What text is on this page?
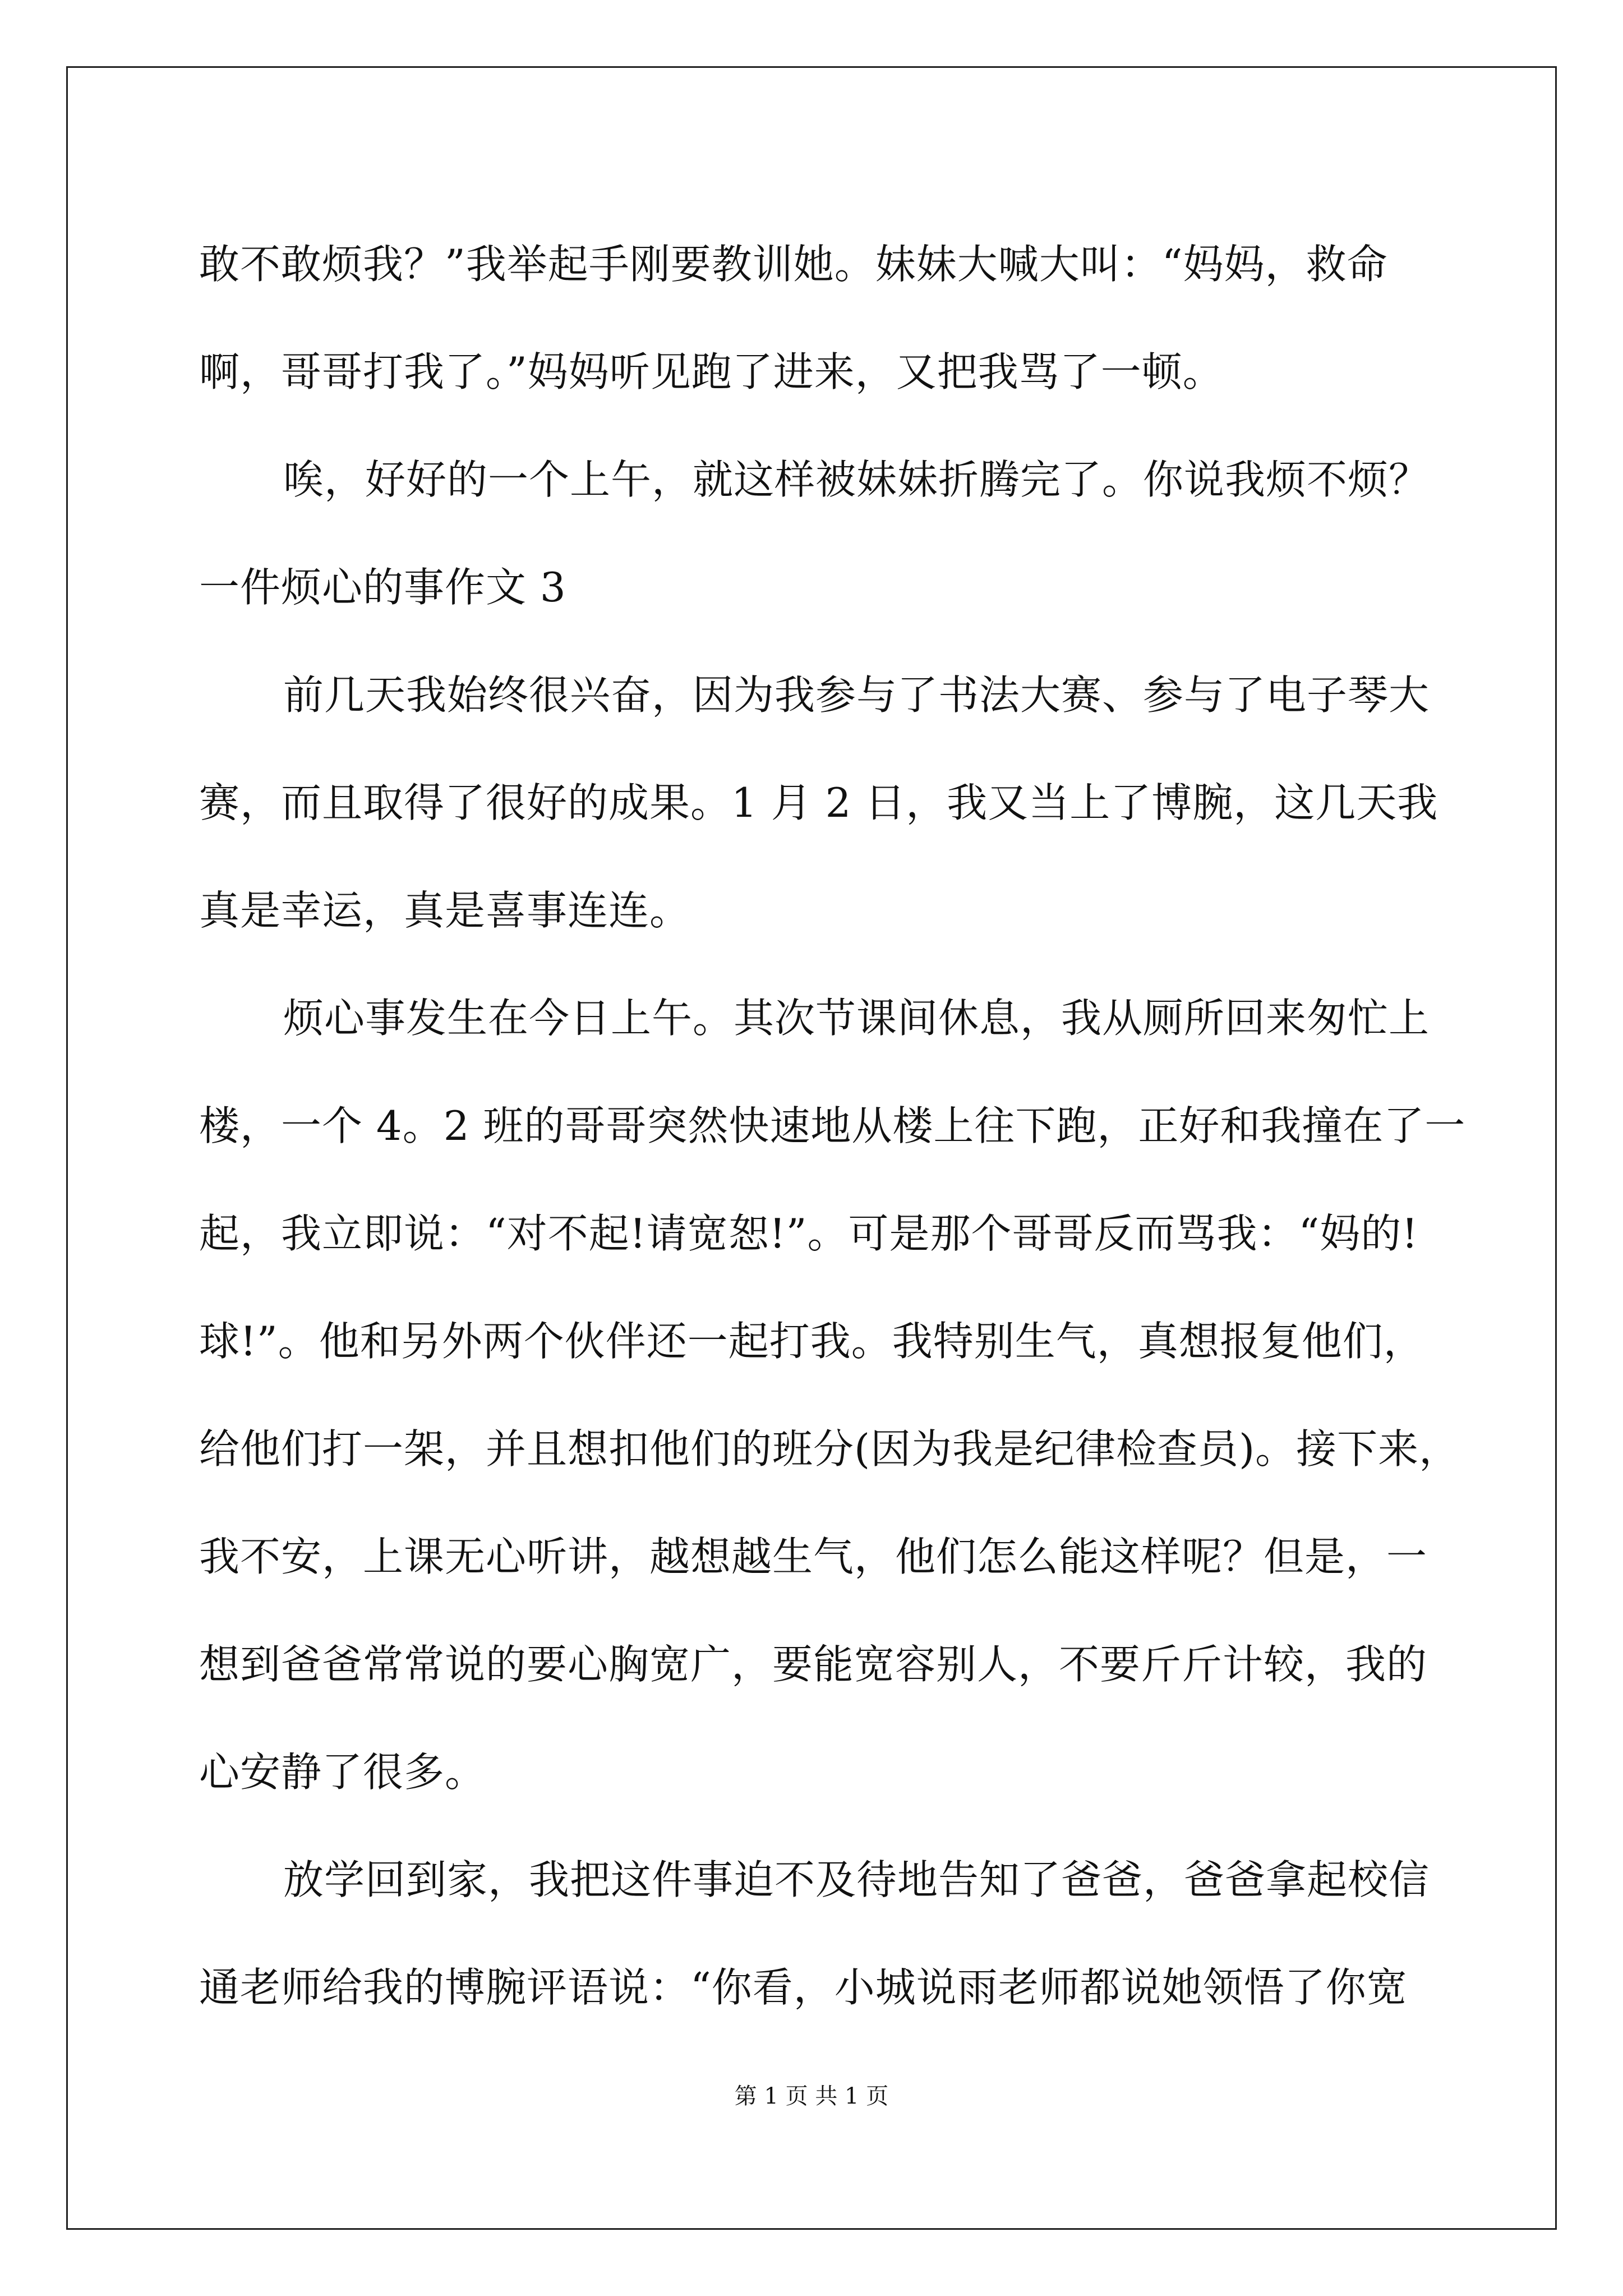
敢不敢烦我？”我举起手刚要教训她。妹妹大喊大叫：“妈妈，救命
啊，哥哥打我了。”妈妈听见跑了进来，又把我骂了一顿。
唉，好好的一个上午，就这样被妹妹折腾完了。你说我烦不烦？
一件烦心的事作文 3
前几天我始终很兴奋，因为我参与了书法大赛、参与了电子琴大
赛，而且取得了很好的成果。1 月 2 日，我又当上了博腕，这几天我
真是幸运，真是喜事连连。
烦心事发生在今日上午。其次节课间休息，我从厕所回来匆忙上
楼，一个 4。2 班的哥哥突然快速地从楼上往下跑，正好和我撞在了一
起，我立即说：“对不起!请宽恕!”。可是那个哥哥反而骂我：“妈的!
球!”。他和另外两个伙伴还一起打我。我特别生气，真想报复他们，
给他们打一架，并且想扣他们的班分(因为我是纪律检查员)。接下来，
我不安，上课无心听讲，越想越生气，他们怎么能这样呢？但是，一
想到爸爸常常说的要心胸宽广，要能宽容别人，不要斤斤计较，我的
心安静了很多。
放学回到家，我把这件事迫不及待地告知了爸爸，爸爸拿起校信
通老师给我的博腕评语说：“你看，小城说雨老师都说她领悟了你宽
第 1 页 共 1 页
